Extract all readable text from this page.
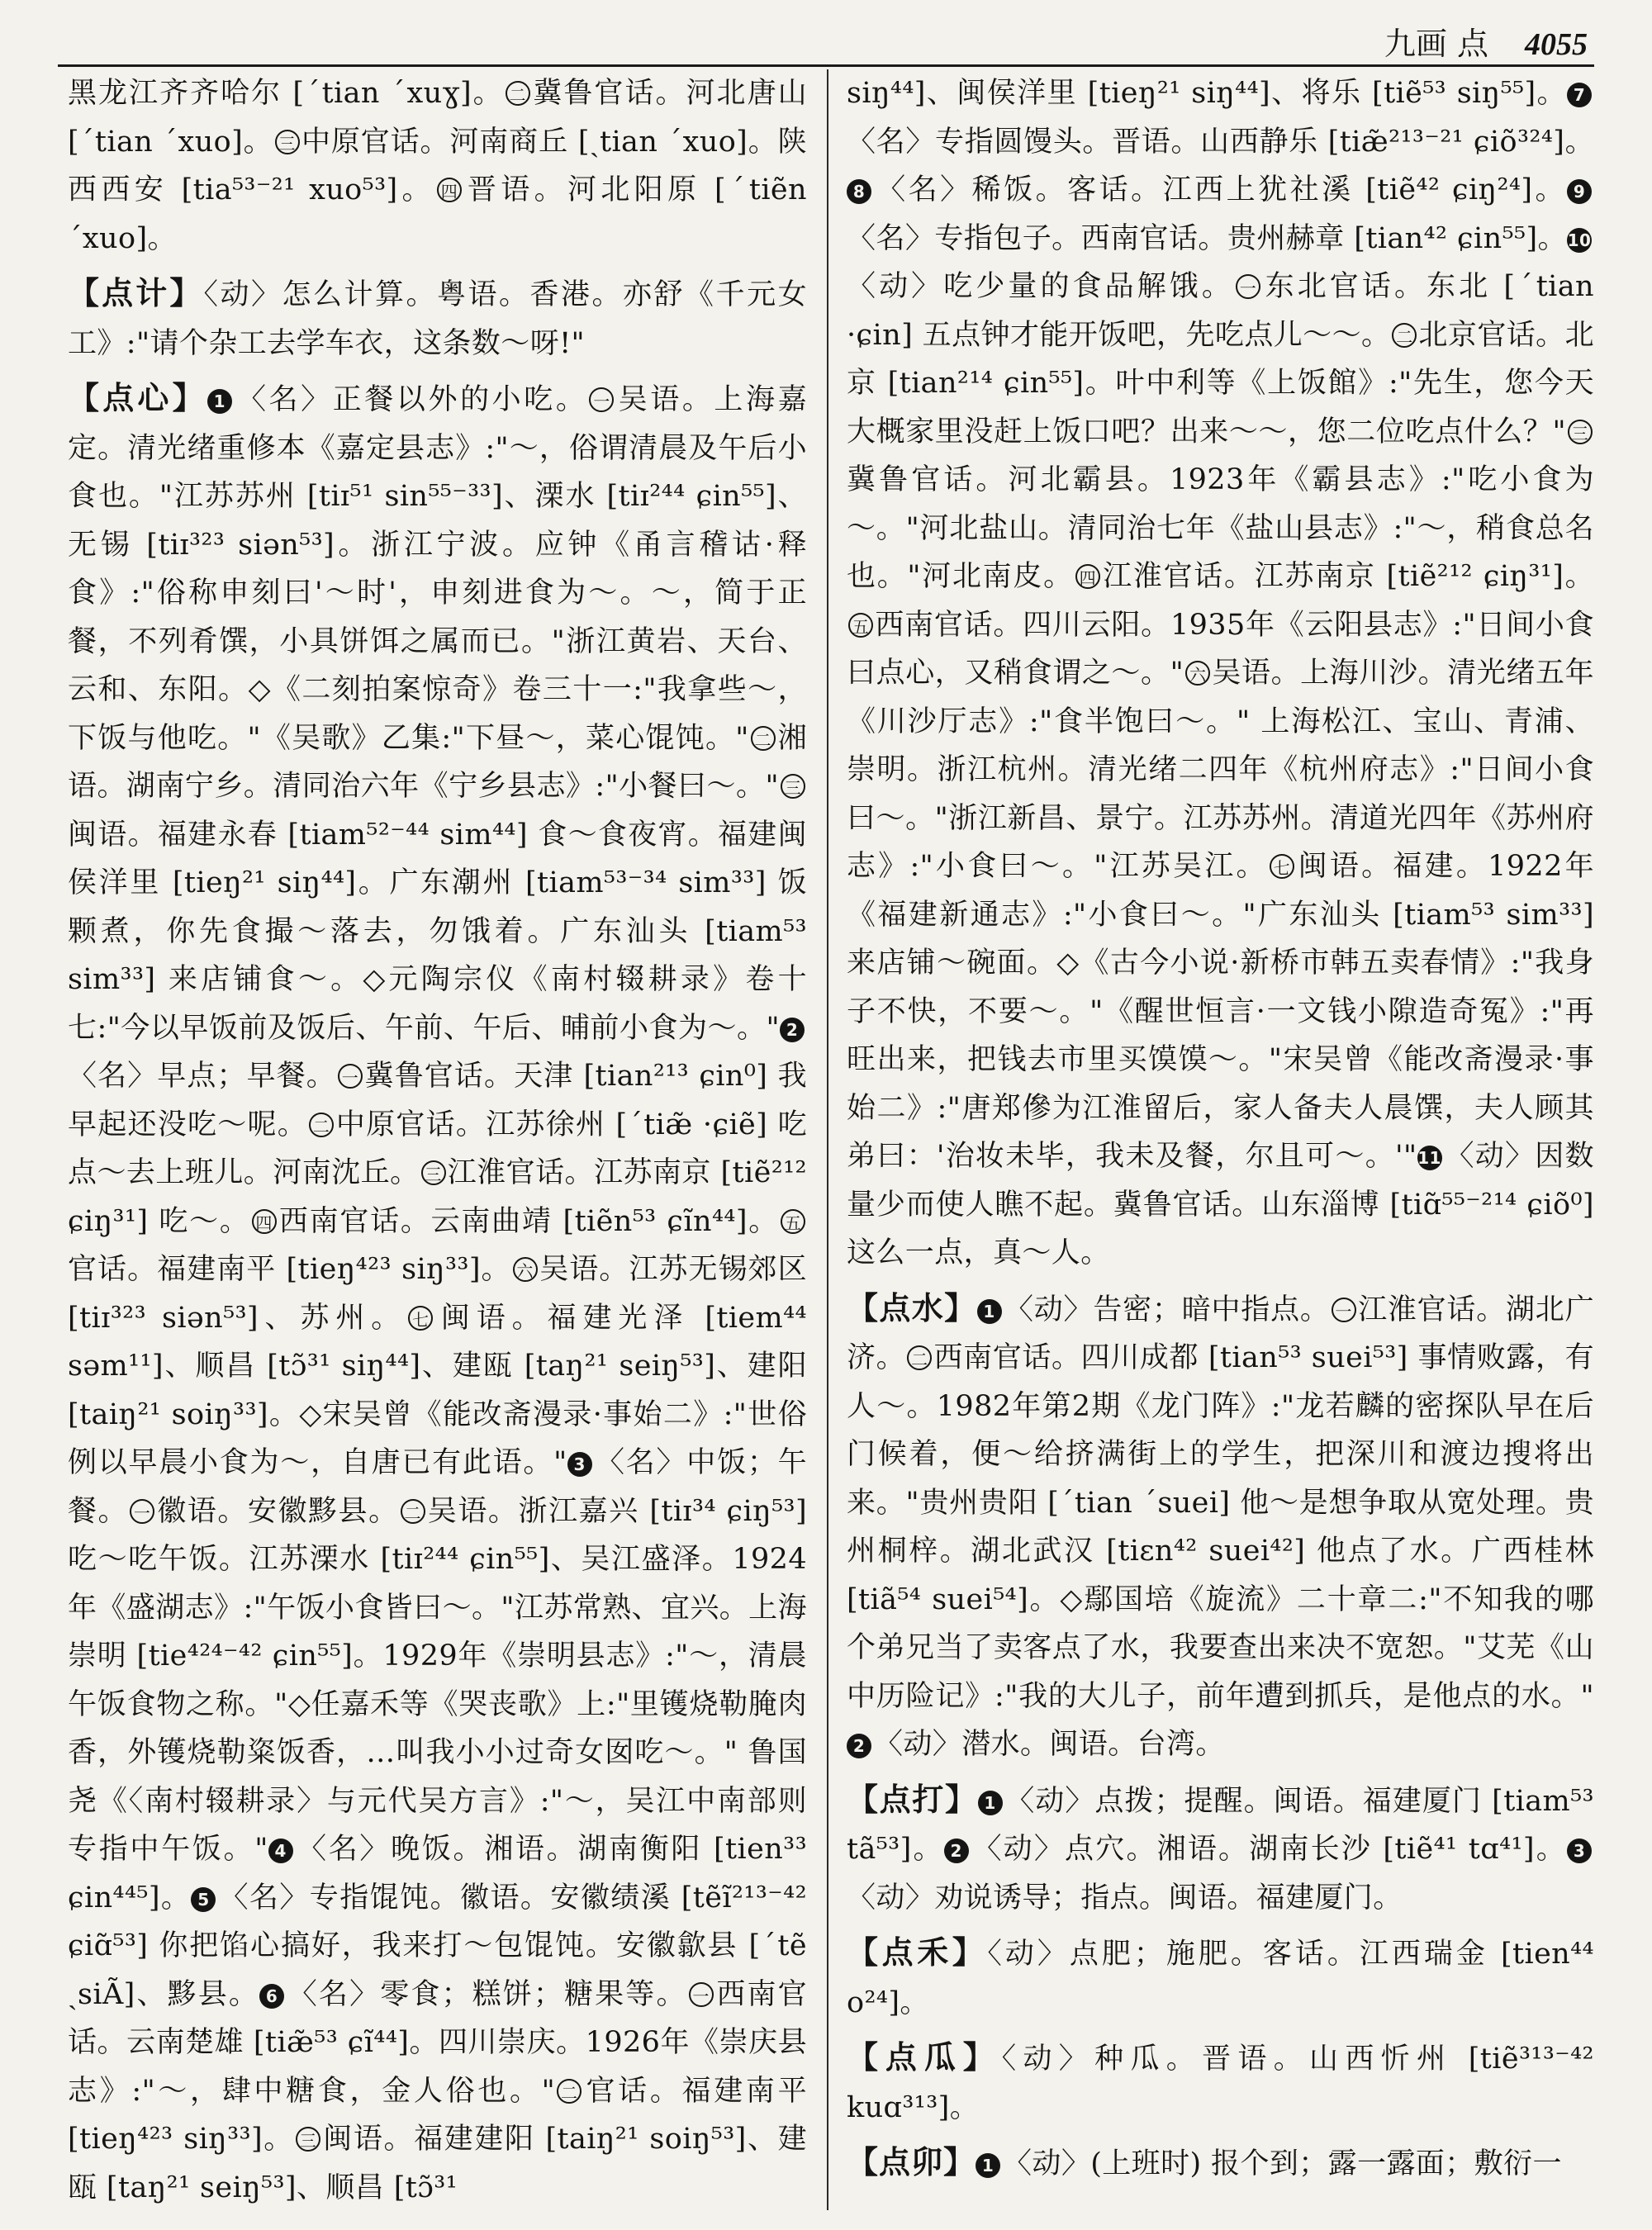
九画 点 4055

黑龙江齐齐哈尔 [ˊtian ˊxuɣ]。 二 冀鲁官话。河北唐山 [ˊtian ˊxuo]。 三 中原官话。河南商丘 [ˏtian ˊxuo]。陕西西安 [tia⁵³⁻²¹ xuo⁵³]。 四 晋语。河北阳原 [ˊtiẽn ˊxuo]。

【点计】〈动〉怎么计算。粤语。香港。亦舒《千元女工》:"请个杂工去学车衣，这条数～呀!"

【点心】 1 〈名〉正餐以外的小吃。 一 吴语。上海嘉定。清光绪重修本《嘉定县志》:"～，俗谓清晨及午后小食也。"江苏苏州 [tiɪ⁵¹ sin⁵⁵⁻³³]、溧水 [tiɪ²⁴⁴ ɕin⁵⁵]、无锡 [tiɪ³²³ siən⁵³]。浙江宁波。应钟《甬言稽诂·释食》:"俗称申刻曰'～时'，申刻进食为～。～，简于正餐，不列肴馔，小具饼饵之属而已。"浙江黄岩、天台、云和、东阳。◇《二刻拍案惊奇》卷三十一:"我拿些～，下饭与他吃。"《吴歌》乙集:"下昼～，菜心馄饨。" 二 湘语。湖南宁乡。清同治六年《宁乡县志》:"小餐曰～。" 三闽语。福建永春 [tiam⁵²⁻⁴⁴ sim⁴⁴] 食～食夜宵。福建闽侯洋里 [tieŋ²¹ siŋ⁴⁴]。广东潮州 [tiam⁵³⁻³⁴ sim³³] 饭颗煮，你先食撮～落去，勿饿着。广东汕头 [tiam⁵³ sim³³] 来店铺食～。◇元陶宗仪《南村辍耕录》卷十七:"今以早饭前及饭后、午前、午后、晡前小食为～。" 2〈名〉早点；早餐。 一 冀鲁官话。天津 [tian²¹³ ɕin⁰] 我早起还没吃～呢。 二 中原官话。江苏徐州 [ˊtiæ̃ ·ɕiẽ] 吃点～去上班儿。河南沈丘。 三 江淮官话。江苏南京 [tiẽ²¹² ɕiŋ³¹] 吃～。 四 西南官话。云南曲靖 [tiẽn⁵³ ɕĩn⁴⁴]。 五官话。福建南平 [tieŋ⁴²³ siŋ³³]。 六 吴语。江苏无锡郊区 [tiɪ³²³ siən⁵³]、苏州。 七 闽语。福建光泽 [tiem⁴⁴ səm¹¹]、顺昌 [tɔ̃³¹ siŋ⁴⁴]、建瓯 [taŋ²¹ seiŋ⁵³]、建阳 [taiŋ²¹ soiŋ³³]。◇宋吴曾《能改斋漫录·事始二》:"世俗例以早晨小食为～，自唐已有此语。" 3 〈名〉中饭；午餐。 一 徽语。安徽黟县。 二 吴语。浙江嘉兴 [tiɪ³⁴ ɕiŋ⁵³] 吃～吃午饭。江苏溧水 [tiɪ²⁴⁴ ɕin⁵⁵]、吴江盛泽。1924年《盛湖志》:"午饭小食皆曰～。"江苏常熟、宜兴。上海崇明 [tie⁴²⁴⁻⁴² ɕin⁵⁵]。1929年《崇明县志》:"～，清晨午饭食物之称。"◇任嘉禾等《哭丧歌》上:"里镬烧勒腌肉香，外镬烧勒粢饭香，…叫我小小过奇女囡吃～。" 鲁国尧《〈南村辍耕录〉与元代吴方言》:"～，吴江中南部则专指中午饭。" 4 〈名〉晚饭。湘语。湖南衡阳 [tien³³ ɕin⁴⁴⁵]。 5 〈名〉专指馄饨。徽语。安徽绩溪 [tẽĩ²¹³⁻⁴² ɕiɑ̃⁵³] 你把馅心搞好，我来打～包馄饨。安徽歙县 [ˊtẽ ˏsiÃ]、黟县。 6 〈名〉零食；糕饼；糖果等。 一 西南官话。云南楚雄 [tiæ̃⁵³ ɕĩ⁴⁴]。四川崇庆。1926年《崇庆县志》:"～，肆中糖食，金人俗也。" 二 官话。福建南平 [tieŋ⁴²³ siŋ³³]。 三 闽语。福建建阳 [taiŋ²¹ soiŋ⁵³]、建瓯 [taŋ²¹ seiŋ⁵³]、顺昌 [tɔ̃³¹

siŋ⁴⁴]、闽侯洋里 [tieŋ²¹ siŋ⁴⁴]、将乐 [tiẽ⁵³ siŋ⁵⁵]。 7〈名〉专指圆馒头。晋语。山西静乐 [tiæ̃²¹³⁻²¹ ɕiõ³²⁴]。8 〈名〉稀饭。客话。江西上犹社溪 [tiẽ⁴² ɕiŋ²⁴]。 9〈名〉专指包子。西南官话。贵州赫章 [tian⁴² ɕin⁵⁵]。10〈动〉吃少量的食品解饿。 一 东北官话。东北 [ˊtian ·ɕin] 五点钟才能开饭吧，先吃点儿～～。 二 北京官话。北京 [tian²¹⁴ ɕin⁵⁵]。叶中利等《上饭館》:"先生，您今天大概家里没赶上饭口吧？出来～～，您二位吃点什么？" 三冀鲁官话。河北霸县。1923年《霸县志》:"吃小食为～。"河北盐山。清同治七年《盐山县志》:"～，稍食总名也。"河北南皮。 四 江淮官话。江苏南京 [tiẽ²¹² ɕiŋ³¹]。五 西南官话。四川云阳。1935年《云阳县志》:"日间小食曰点心，又稍食谓之～。" 六 吴语。上海川沙。清光绪五年《川沙厅志》:"食半饱曰～。" 上海松江、宝山、青浦、崇明。浙江杭州。清光绪二四年《杭州府志》:"日间小食曰～。"浙江新昌、景宁。江苏苏州。清道光四年《苏州府志》:"小食曰～。"江苏吴江。 七 闽语。福建。1922年《福建新通志》:"小食曰～。"广东汕头 [tiam⁵³ sim³³] 来店铺～碗面。◇《古今小说·新桥市韩五卖春情》:"我身子不快，不要～。"《醒世恒言·一文钱小隙造奇冤》:"再旺出来，把钱去市里买馍馍～。"宋吴曾《能改斋漫录·事始二》:"唐郑傪为江淮留后，家人备夫人晨馔，夫人顾其弟曰：'治妆未毕，我未及餐，尔且可～。'"11 〈动〉因数量少而使人瞧不起。冀鲁官话。山东淄博 [tiɑ̃⁵⁵⁻²¹⁴ ɕiõ⁰] 这么一点，真～人。

【点水】 1 〈动〉告密；暗中指点。 一 江淮官话。湖北广济。 二 西南官话。四川成都 [tian⁵³ suei⁵³] 事情败露，有人～。1982年第2期《龙门阵》:"龙若麟的密探队早在后门候着，便～给挤满街上的学生，把深川和渡边搜将出来。"贵州贵阳 [ˊtian ˊsuei] 他～是想争取从宽处理。贵州桐梓。湖北武汉 [tiɛn⁴² suei⁴²] 他点了水。广西桂林 [tiã⁵⁴ suei⁵⁴]。◇鄢国培《旋流》二十章二:"不知我的哪个弟兄当了卖客点了水，我要查出来决不宽恕。"艾芜《山中历险记》:"我的大儿子，前年遭到抓兵，是他点的水。"2 〈动〉潜水。闽语。台湾。

【点打】 1 〈动〉点拨；提醒。闽语。福建厦门 [tiam⁵³ tã⁵³]。 2 〈动〉点穴。湘语。湖南长沙 [tiẽ⁴¹ tɑ⁴¹]。 3〈动〉劝说诱导；指点。闽语。福建厦门。

【点禾】〈动〉点肥；施肥。客话。江西瑞金 [tien⁴⁴ o²⁴]。

【点瓜】〈动〉种瓜。晋语。山西忻州 [tiẽ³¹³⁻⁴² kuɑ³¹³]。

【点卯】 1 〈动〉(上班时) 报个到；露一露面；敷衍一
